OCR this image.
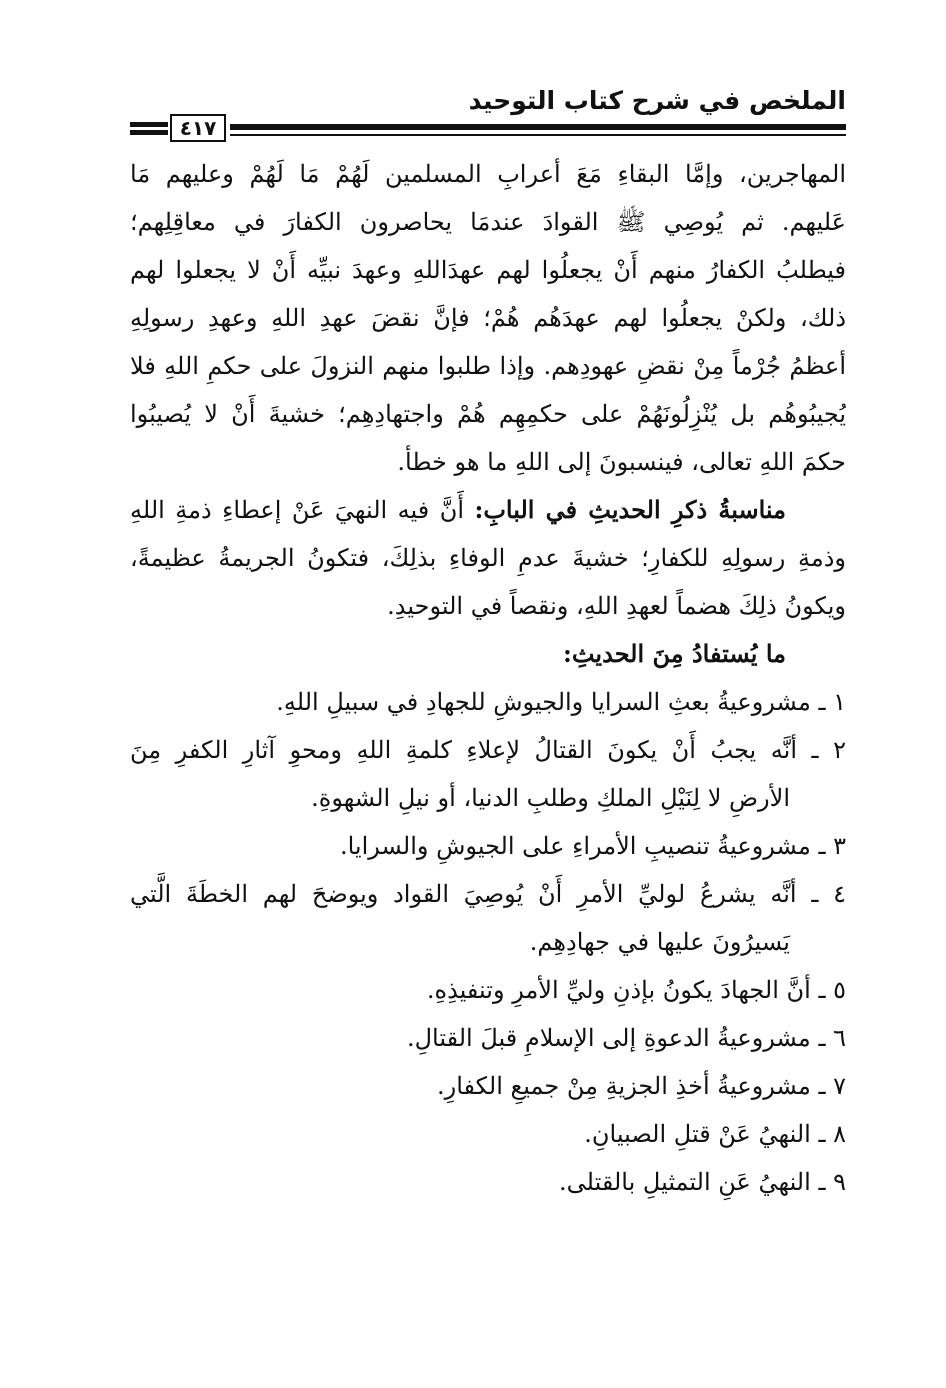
الملخص في شرح كتاب التوحيد
٤١٧
المهاجرين، وإمَّا البقاءِ مَعَ أعرابِ المسلمين لَهُمْ مَا لَهُمْ وعليهم مَا
عَليهم. ثم يُوصِي ﷺ القوادَ عندمَا يحاصرون الكفارَ في معاقِلِهم؛
فيطلبُ الكفارُ منهم أَنْ يجعلُوا لهم عهدَاللهِ وعهدَ نبيِّه أَنْ لا يجعلوا لهم
ذلك، ولكنْ يجعلُوا لهم عهدَهُم هُمْ؛ فإنَّ نقضَ عهدِ اللهِ وعهدِ رسولِهِ
أعظمُ جُرْماً مِنْ نقضِ عهودِهم. وإذا طلبوا منهم النزولَ على حكمِ اللهِ فلا
يُجيبُوهُم بل يُنْزِلُونَهُمْ على حكمِهِم هُمْ واجتهادِهِم؛ خشيةَ أَنْ لا يُصيبُوا
حكمَ اللهِ تعالى، فينسبونَ إلى اللهِ ما هو خطأ.
مناسبةُ ذكرِ الحديثِ في البابِ: أَنَّ فيه النهيَ عَنْ إعطاءِ ذمةِ اللهِ
وذمةِ رسولِهِ للكفارِ؛ خشيةَ عدمِ الوفاءِ بذلِكَ، فتكونُ الجريمةُ عظيمةً،
ويكونُ ذلِكَ هضماً لعهدِ اللهِ، ونقصاً في التوحيدِ.
ما يُستفادُ مِنَ الحديثِ:
١ ـ مشروعيةُ بعثِ السرايا والجيوشِ للجهادِ في سبيلِ اللهِ.
٢ ـ أنَّه يجبُ أَنْ يكونَ القتالُ لإعلاءِ كلمةِ اللهِ ومحوِ آثارِ الكفرِ مِنَ
الأرضِ لا لِنَيْلِ الملكِ وطلبِ الدنيا، أو نيلِ الشهوةِ.
٣ ـ مشروعيةُ تنصيبِ الأمراءِ على الجيوشِ والسرايا.
٤ ـ أنَّه يشرعُ لوليِّ الأمرِ أَنْ يُوصِيَ القواد ويوضحَ لهم الخطَةَ الَّتي
يَسيرُونَ عليها في جهادِهِم.
٥ ـ أنَّ الجهادَ يكونُ بإذنِ وليِّ الأمرِ وتنفيذِهِ.
٦ ـ مشروعيةُ الدعوةِ إلى الإسلامِ قبلَ القتالِ.
٧ ـ مشروعيةُ أخذِ الجزيةِ مِنْ جميعِ الكفارِ.
٨ ـ النهيُ عَنْ قتلِ الصبيانِ.
٩ ـ النهيُ عَنِ التمثيلِ بالقتلى.
